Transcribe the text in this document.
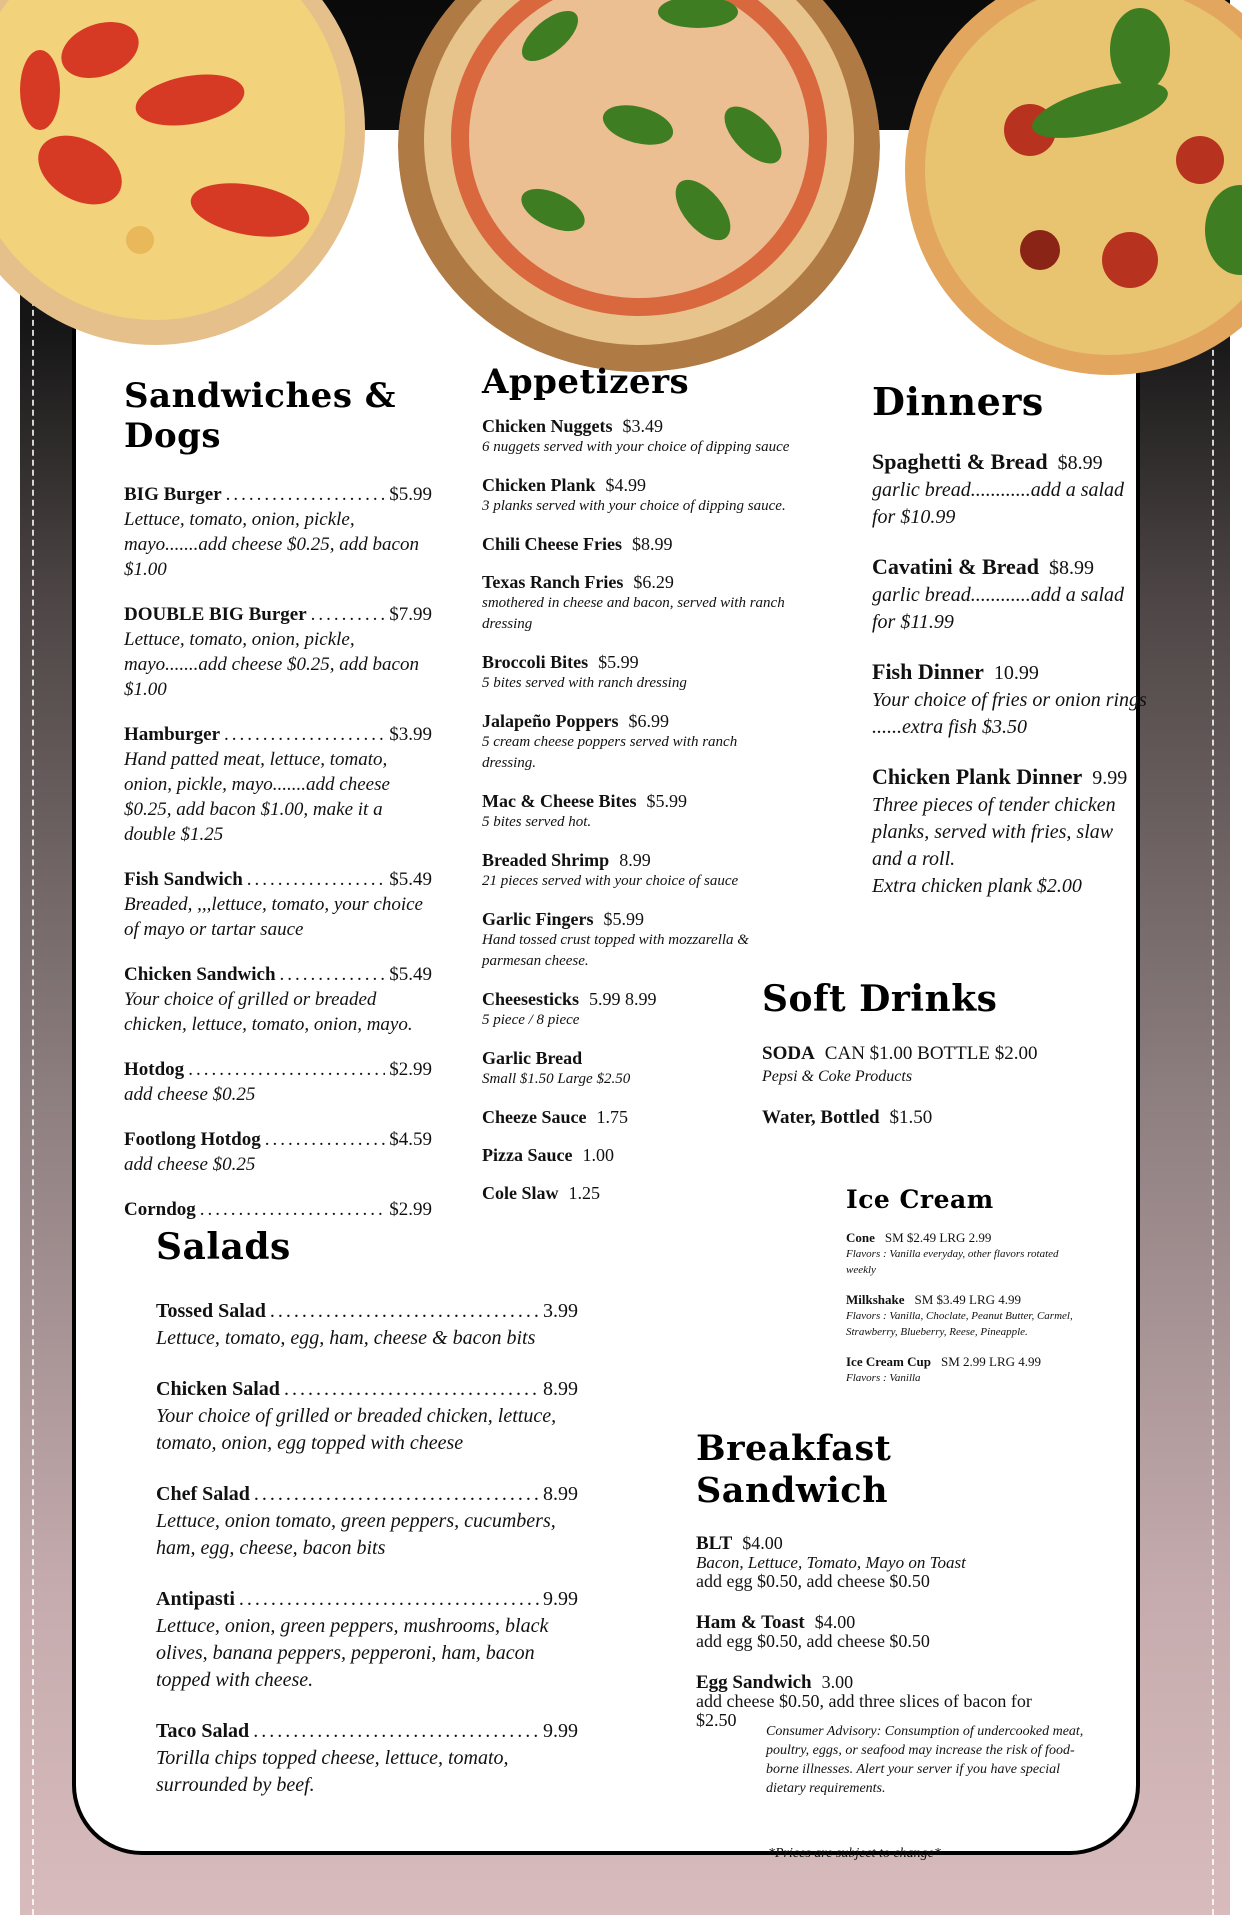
Sandwiches & Dogs
BIG Burger .....	$5.99
Lettuce, tomato, onion, pickle, mayo.......add cheese $0.25, add bacon $1.00
DOUBLE BIG Burger .....	$7.99
Lettuce, tomato, onion, pickle, mayo.......add cheese $0.25, add bacon $1.00
Hamburger .....	$3.99
Hand patted meat, lettuce, tomato, onion, pickle, mayo.......add cheese $0.25, add bacon $1.00, make it a double $1.25
Fish Sandwich .....	$5.49
Breaded, ,,,lettuce, tomato, your choice of mayo or tartar sauce
Chicken Sandwich .....	$5.49
Your choice of grilled or breaded chicken, lettuce, tomato, onion, mayo.
Hotdog .....	$2.99
add cheese $0.25
Footlong Hotdog .....	$4.59
add cheese $0.25
Corndog .....	$2.99
Appetizers
Chicken Nuggets $3.49
6 nuggets served with your choice of dipping sauce
Chicken Plank $4.99
3 planks served with your choice of dipping sauce.
Chili Cheese Fries $8.99
Texas Ranch Fries $6.29
smothered in cheese and bacon, served with ranch dressing
Broccoli Bites $5.99
5 bites served with ranch dressing
Jalapeño Poppers $6.99
5 cream cheese poppers served with ranch dressing.
Mac & Cheese Bites $5.99
5 bites served hot.
Breaded Shrimp 8.99
21 pieces served with your choice of sauce
Garlic Fingers $5.99
Hand tossed crust topped with mozzarella & parmesan cheese.
Cheesesticks 5.99 8.99
5 piece / 8 piece
Garlic Bread
Small $1.50 Large $2.50
Cheeze Sauce 1.75
Pizza Sauce 1.00
Cole Slaw 1.25
Dinners
Spaghetti & Bread $8.99
garlic bread............add a salad for $10.99
Cavatini & Bread $8.99
garlic bread............add a salad for $11.99
Fish Dinner 10.99
Your choice of fries or onion rings ......extra fish $3.50
Chicken Plank Dinner 9.99
Three pieces of tender chicken planks, served with fries, slaw and a roll.
Extra chicken plank $2.00
Soft Drinks
SODA CAN $1.00 BOTTLE $2.00
Pepsi & Coke Products
Water, Bottled $1.50
Ice Cream
Cone SM $2.49 LRG 2.99
Flavors : Vanilla everyday, other flavors rotated weekly
Milkshake SM $3.49 LRG 4.99
Flavors : Vanilla, Choclate, Peanut Butter, Carmel, Strawberry, Blueberry, Reese, Pineapple.
Ice Cream Cup SM 2.99 LRG 4.99
Flavors : Vanilla
Salads
Tossed Salad .....	3.99
Lettuce, tomato, egg, ham, cheese & bacon bits
Chicken Salad .....	8.99
Your choice of grilled or breaded chicken, lettuce, tomato, onion, egg topped with cheese
Chef Salad .....	8.99
Lettuce, onion tomato, green peppers, cucumbers, ham, egg, cheese, bacon bits
Antipasti .....	9.99
Lettuce, onion, green peppers, mushrooms, black olives, banana peppers, pepperoni, ham, bacon topped with cheese.
Taco Salad .....	9.99
Torilla chips topped cheese, lettuce, tomato, surrounded by beef.
Breakfast Sandwich
BLT $4.00
Bacon, Lettuce, Tomato, Mayo on Toast
add egg $0.50, add cheese $0.50
Ham & Toast $4.00
add egg $0.50, add cheese $0.50
Egg Sandwich 3.00
add cheese $0.50, add three slices of bacon for $2.50
Consumer Advisory: Consumption of undercooked meat, poultry, eggs, or seafood may increase the risk of food-borne illnesses. Alert your server if you have special dietary requirements.
*Prices are subject to change*
